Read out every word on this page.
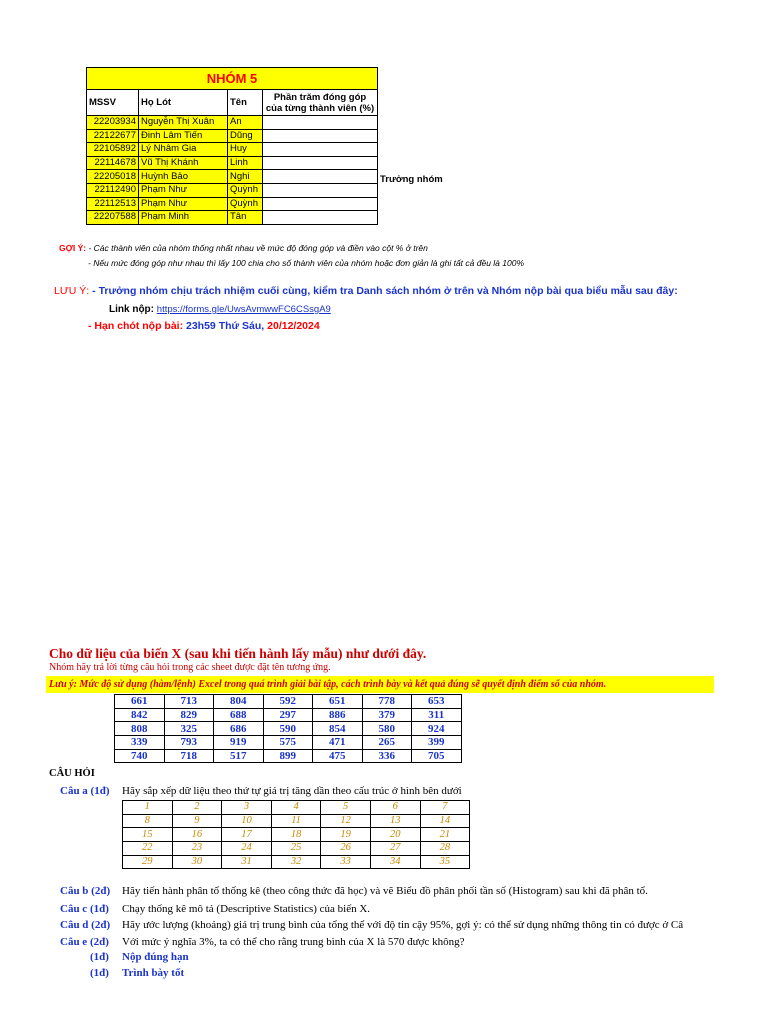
NHÓM 5			
MSSV	Họ Lót	Tên	Phần trăm đóng góp
của từng thành viên (%)
22203934	Nguyễn Thị Xuân	An	
22122677	Đinh Lâm Tiến	Dũng	
22105892	Lý Nhâm Gia	Huy	
22114678	Vũ Thị Khánh	Linh	
22205018	Huỳnh Bảo	Nghi	
22112490	Phạm Như	Quỳnh	
22112513	Phạm Như	Quỳnh	
22207588	Phạm Minh	Tân	
Trưởng nhóm
GỢI Ý: - Các thành viên của nhóm thống nhất nhau về mức độ đóng góp và điền vào cột % ở trên
- Nếu mức đóng góp như nhau thì lấy 100 chia cho số thành viên của nhóm hoặc đơn giản là ghi tất cả đều là 100%
LƯU Ý: - Trưởng nhóm chịu trách nhiệm cuối cùng, kiểm tra Danh sách nhóm ở trên và Nhóm nộp bài qua biểu mẫu sau đây:
Link nộp: https://forms.gle/UwsAvmwwFC6CSsgA9
- Hạn chót nộp bài: 23h59 Thứ Sáu, 20/12/2024
Cho dữ liệu của biến X (sau khi tiến hành lấy mẫu) như dưới đây.
Nhóm hãy trả lời từng câu hỏi trong các sheet được đặt tên tương ứng.
Lưu ý: Mức độ sử dụng (hàm/lệnh) Excel trong quá trình giải bài tập, cách trình bày và kết quả đúng sẽ quyết định điểm số của nhóm.
661	713	804	592	651	778	653
842	829	688	297	886	379	311
808	325	686	590	854	580	924
339	793	919	575	471	265	399
740	718	517	899	475	336	705
CÂU HỎI
Câu a (1đ) Hãy sắp xếp dữ liệu theo thứ tự giá trị tăng dần theo cấu trúc ở hình bên dưới
1	2	3	4	5	6	7
8	9	10	11	12	13	14
15	16	17	18	19	20	21
22	23	24	25	26	27	28
29	30	31	32	33	34	35
Câu b (2đ) Hãy tiến hành phân tổ thống kê (theo công thức đã học) và vẽ Biểu đồ phân phối tần số (Histogram) sau khi đã phân tổ.
Câu c (1đ) Chạy thống kê mô tả (Descriptive Statistics) của biến X.
Câu d (2đ) Hãy ước lượng (khoảng) giá trị trung bình của tổng thể với độ tin cậy 95%, gợi ý: có thể sử dụng những thông tin có được ở Câ
Câu e (2đ) Với mức ý nghĩa 3%, ta có thể cho rằng trung bình của X là 570 được không?
(1đ) Nộp đúng hạn
(1đ) Trình bày tốt
